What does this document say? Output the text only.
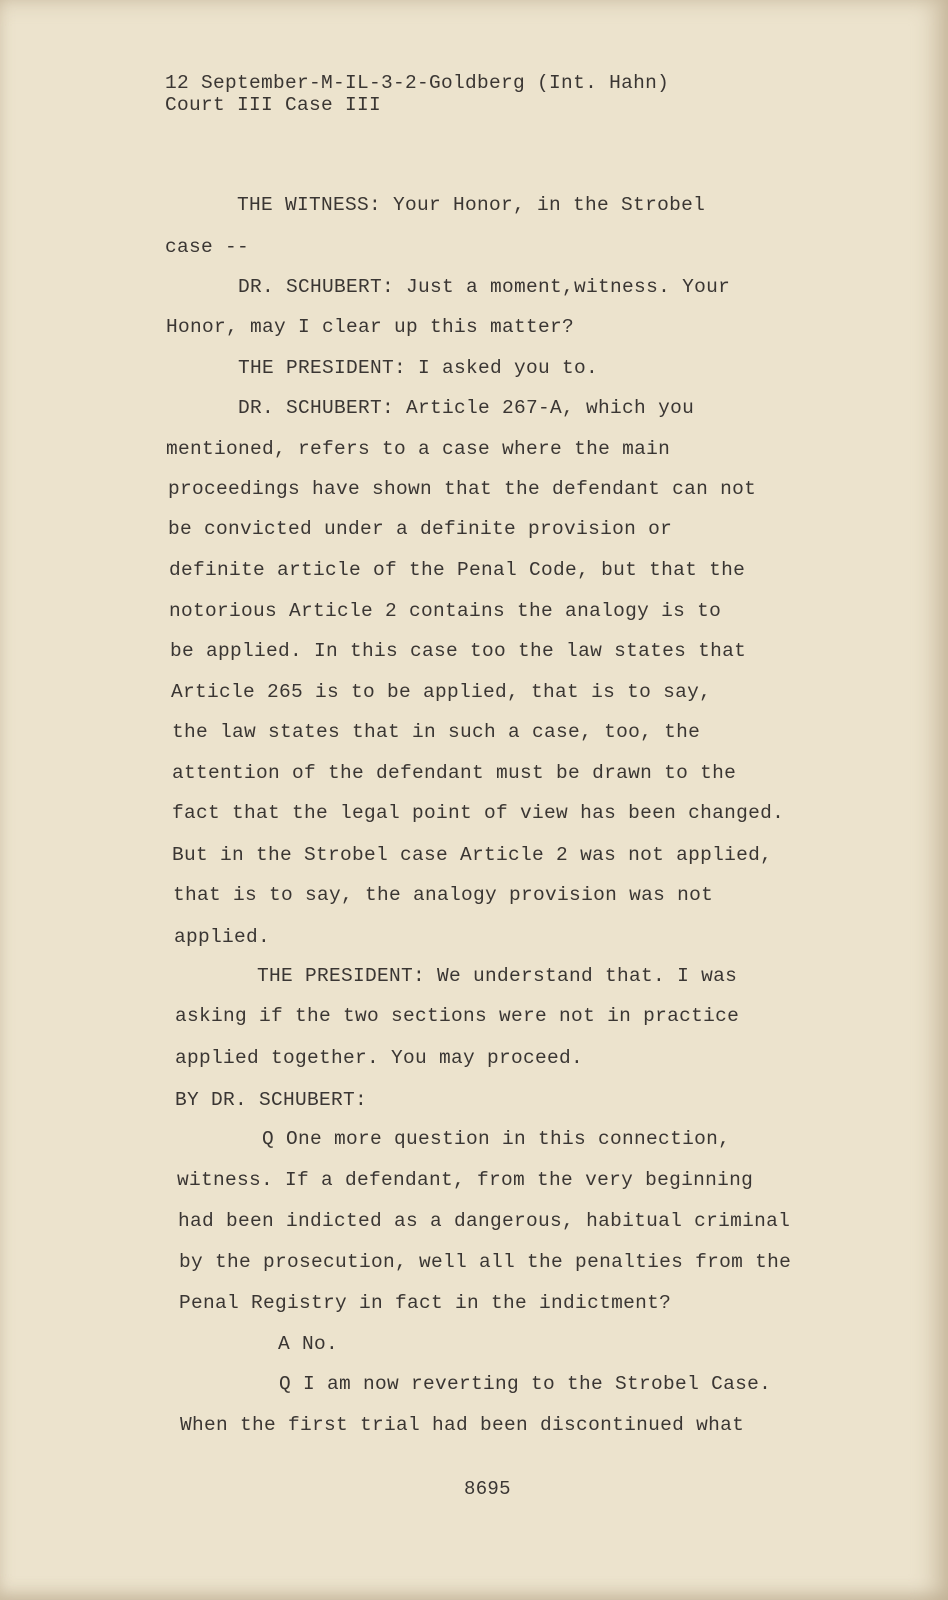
12 September-M-IL-3-2-Goldberg (Int. Hahn)
Court III Case III
THE WITNESS: Your Honor, in the Strobel
case --
DR. SCHUBERT: Just a moment,witness. Your
Honor, may I clear up this matter?
THE PRESIDENT: I asked you to.
DR. SCHUBERT: Article 267-A, which you
mentioned, refers to a case where the main
proceedings have shown that the defendant can not
be convicted under a definite provision or
definite article of the Penal Code, but that the
notorious Article 2 contains the analogy is to
be applied. In this case too the law states that
Article 265 is to be applied, that is to say,
the law states that in such a case, too, the
attention of the defendant must be drawn to the
fact that the legal point of view has been changed.
But in the Strobel case Article 2 was not applied,
that is to say, the analogy provision was not
applied.
THE PRESIDENT: We understand that. I was
asking if the two sections were not in practice
applied together. You may proceed.
BY DR. SCHUBERT:
Q One more question in this connection,
witness. If a defendant, from the very beginning
had been indicted as a dangerous, habitual criminal
by the prosecution, well all the penalties from the
Penal Registry in fact in the indictment?
A No.
Q I am now reverting to the Strobel Case.
When the first trial had been discontinued what
8695
